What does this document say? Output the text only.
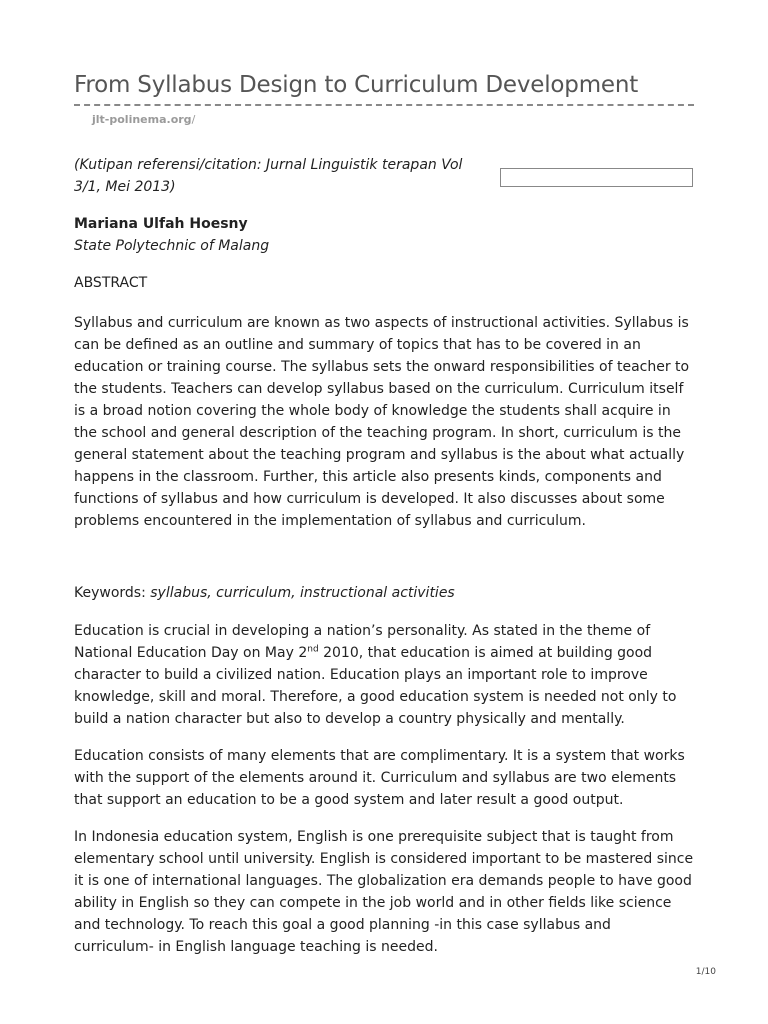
From Syllabus Design to Curriculum Development
jlt-polinema.org/

(Kutipan referensi/citation: Jurnal Linguistik terapan Vol 3/1, Mei 2013)

Mariana Ulfah Hoesny

State Polytechnic of Malang

ABSTRACT

Syllabus and curriculum are known as two aspects of instructional activities. Syllabus is can be defined as an outline and summary of topics that has to be covered in an education or training course. The syllabus sets the onward responsibilities of teacher to the students. Teachers can develop syllabus based on the curriculum. Curriculum itself is a broad notion covering the whole body of knowledge the students shall acquire in the school and general description of the teaching program. In short, curriculum is the general statement about the teaching program and syllabus is the about what actually happens in the classroom. Further, this article also presents kinds, components and functions of syllabus and how curriculum is developed. It also discusses about some problems encountered in the implementation of syllabus and curriculum.

Keywords: syllabus, curriculum, instructional activities

Education is crucial in developing a nation’s personality. As stated in the theme of National Education Day on May 2nd 2010, that education is aimed at building good character to build a civilized nation. Education plays an important role to improve knowledge, skill and moral. Therefore, a good education system is needed not only to build a nation character but also to develop a country physically and mentally.

Education consists of many elements that are complimentary. It is a system that works with the support of the elements around it. Curriculum and syllabus are two elements that support an education to be a good system and later result a good output.

In Indonesia education system, English is one prerequisite subject that is taught from elementary school until university. English is considered important to be mastered since it is one of international languages. The globalization era demands people to have good ability in English so they can compete in the job world and in other fields like science and technology. To reach this goal a good planning -in this case syllabus and curriculum- in English language teaching is needed.

1/10
